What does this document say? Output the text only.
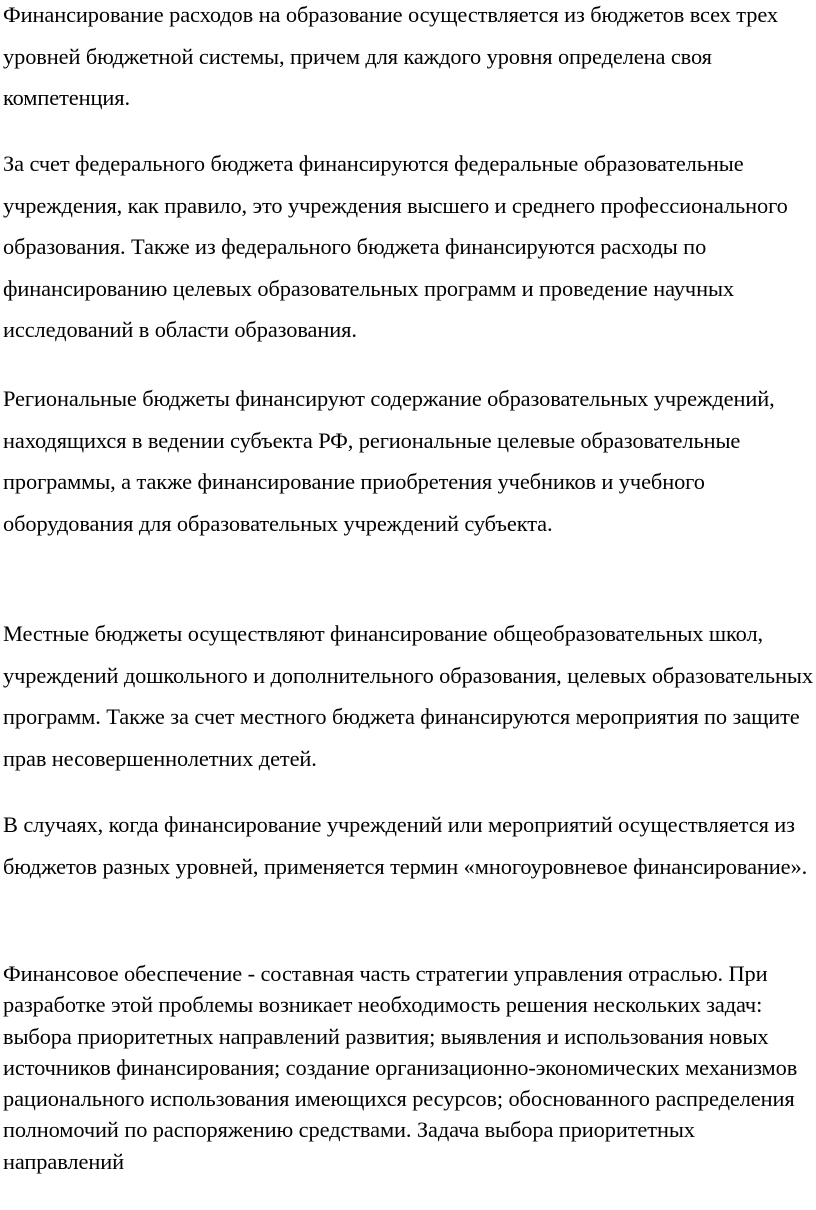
Финансирование расходов на образование осуществляется из бюджетов всех трех уровней бюджетной системы, причем для каждого уровня определена своя компетенция.

За счет федерального бюджета финансируются федеральные образовательные учреждения, как правило, это учреждения высшего и среднего профессионального образования. Также из федерального бюджета финансируются расходы по финансированию целевых образовательных программ и проведение научных исследований в области образования.

Региональные бюджеты финансируют содержание образовательных учреждений, находящихся в ведении субъекта РФ, региональные целевые образовательные программы, а также финансирование приобретения учебников и учебного оборудования для образовательных учреждений субъекта.

Местные бюджеты осуществляют финансирование общеобразовательных школ, учреждений дошкольного и дополнительного образования, целевых образовательных программ. Также за счет местного бюджета финансируются мероприятия по защите прав несовершеннолетних детей.

В случаях, когда финансирование учреждений или мероприятий осуществляется из бюджетов разных уровней, применяется термин «многоуровневое финансирование».

Финансовое обеспечение - составная часть стратегии управления отраслью. При разработке этой проблемы возникает необходимость решения нескольких задач: выбора приоритетных направлений развития; выявления и использования новых источников финансирования; создание организационно-экономических механизмов рационального использования имеющихся ресурсов; обоснованного распределения полномочий по распоряжению средствами. Задача выбора приоритетных направлений
